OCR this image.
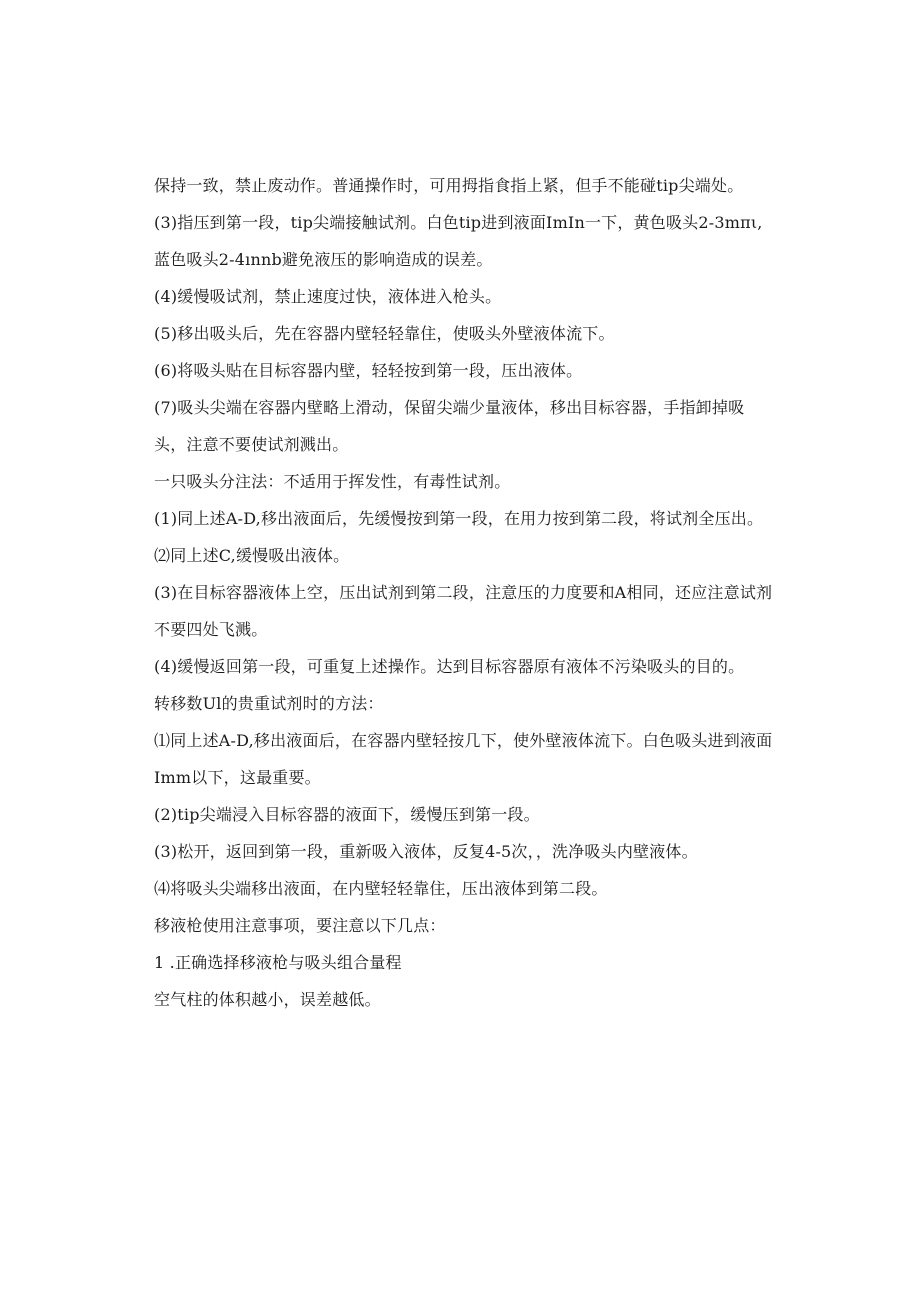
保持一致，禁止废动作。普通操作时，可用拇指食指上紧，但手不能碰tip尖端处。

(3)指压到第一段，tip尖端接触试剂。白色tip进到液面ImIn一下，黄色吸头2-3mπι,蓝色吸头2-4ınnb避免液压的影响造成的误差。

(4)缓慢吸试剂，禁止速度过快，液体进入枪头。

(5)移出吸头后，先在容器内壁轻轻靠住，使吸头外壁液体流下。

(6)将吸头贴在目标容器内壁，轻轻按到第一段，压出液体。

(7)吸头尖端在容器内壁略上滑动，保留尖端少量液体，移出目标容器，手指卸掉吸头，注意不要使试剂溅出。

一只吸头分注法：不适用于挥发性，有毒性试剂。

(1)同上述A-D,移出液面后，先缓慢按到第一段，在用力按到第二段，将试剂全压出。

⑵同上述C,缓慢吸出液体。

(3)在目标容器液体上空，压出试剂到第二段，注意压的力度要和A相同，还应注意试剂不要四处飞溅。

(4)缓慢返回第一段，可重复上述操作。达到目标容器原有液体不污染吸头的目的。

转移数Ul的贵重试剂时的方法：

⑴同上述A-D,移出液面后，在容器内壁轻按几下，使外壁液体流下。白色吸头进到液面Imm以下，这最重要。

(2)tip尖端浸入目标容器的液面下，缓慢压到第一段。

(3)松开，返回到第一段，重新吸入液体，反复4-5次，，洗净吸头内壁液体。

⑷将吸头尖端移出液面，在内壁轻轻靠住，压出液体到第二段。

移液枪使用注意事项，要注意以下几点：

1 .正确选择移液枪与吸头组合量程

空气柱的体积越小，误差越低。
